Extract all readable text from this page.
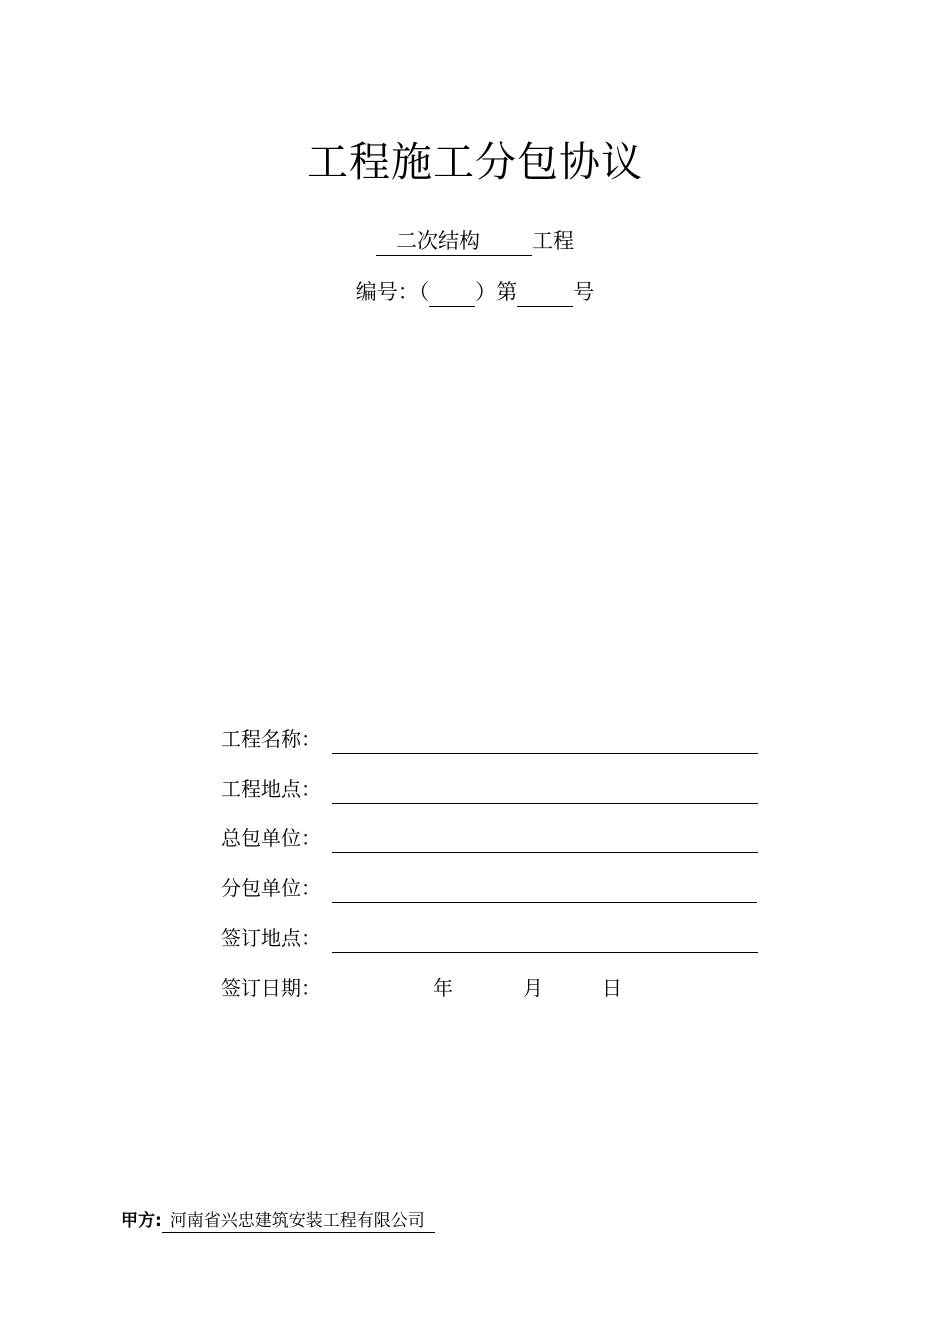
工程施工分包协议
二次结构 工程
编号：（ ）第	号
工程名称：
工程地点：
总包单位：
分包单位：
签订地点：
签订日期：	年	月	日
甲方: 河南省兴忠建筑安装工程有限公司
